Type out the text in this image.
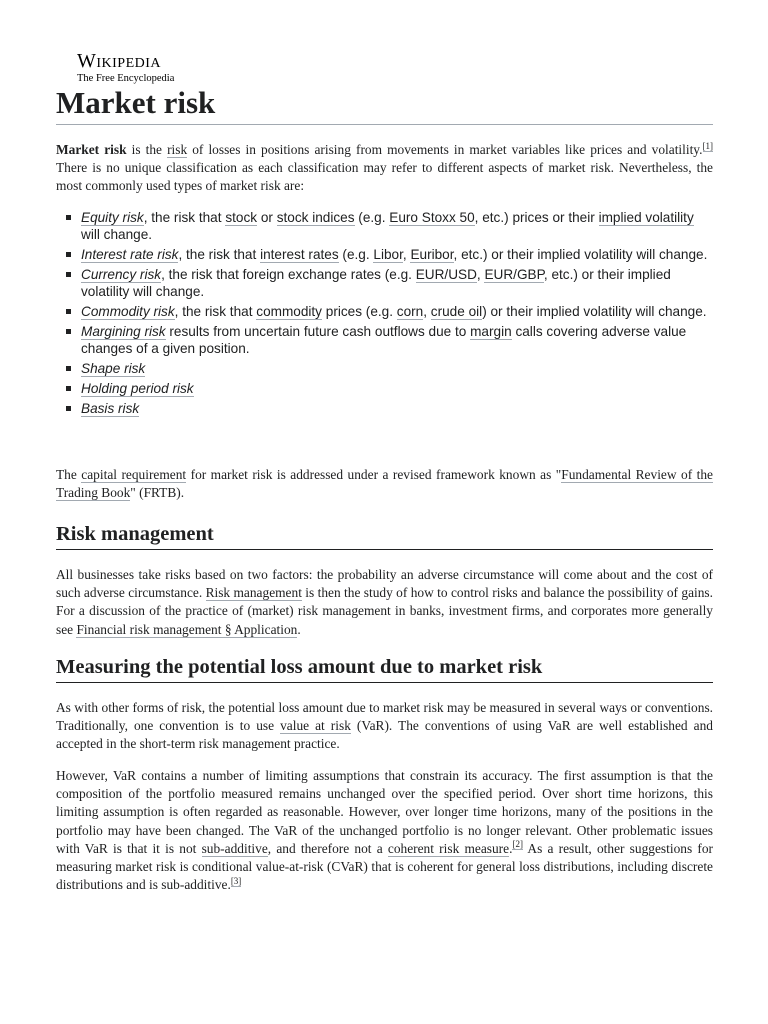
Wikipedia
The Free Encyclopedia
Market risk

Market risk is the risk of losses in positions arising from movements in market variables like prices and volatility.[1] There is no unique classification as each classification may refer to different aspects of market risk. Nevertheless, the most commonly used types of market risk are:

Equity risk, the risk that stock or stock indices (e.g. Euro Stoxx 50, etc.) prices or their implied volatility will change.
Interest rate risk, the risk that interest rates (e.g. Libor, Euribor, etc.) or their implied volatility will change.
Currency risk, the risk that foreign exchange rates (e.g. EUR/USD, EUR/GBP, etc.) or their implied volatility will change.
Commodity risk, the risk that commodity prices (e.g. corn, crude oil) or their implied volatility will change.
Margining risk results from uncertain future cash outflows due to margin calls covering adverse value changes of a given position.
Shape risk
Holding period risk
Basis risk

The capital requirement for market risk is addressed under a revised framework known as "Fundamental Review of the Trading Book" (FRTB).

Risk management

All businesses take risks based on two factors: the probability an adverse circumstance will come about and the cost of such adverse circumstance. Risk management is then the study of how to control risks and balance the possibility of gains. For a discussion of the practice of (market) risk management in banks, investment firms, and corporates more generally see Financial risk management § Application.

Measuring the potential loss amount due to market risk

As with other forms of risk, the potential loss amount due to market risk may be measured in several ways or conventions. Traditionally, one convention is to use value at risk (VaR). The conventions of using VaR are well established and accepted in the short-term risk management practice.

However, VaR contains a number of limiting assumptions that constrain its accuracy. The first assumption is that the composition of the portfolio measured remains unchanged over the specified period. Over short time horizons, this limiting assumption is often regarded as reasonable. However, over longer time horizons, many of the positions in the portfolio may have been changed. The VaR of the unchanged portfolio is no longer relevant. Other problematic issues with VaR is that it is not sub-additive, and therefore not a coherent risk measure.[2] As a result, other suggestions for measuring market risk is conditional value-at-risk (CVaR) that is coherent for general loss distributions, including discrete distributions and is sub-additive.[3]
